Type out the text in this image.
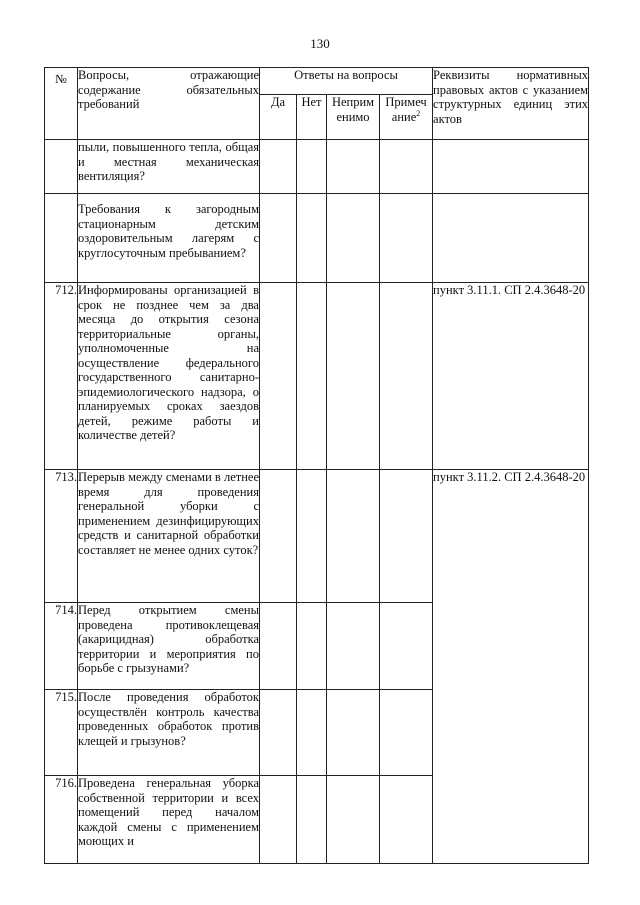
130
№	Вопросы, отражающие содержание обязательных требований	Ответы на вопросы				Реквизиты нормативных правовых актов с указанием структурных единиц этих актов
		Да	Нет	Неприм енимо	Примеч ание$^2$
	пыли, повышенного тепла, общая и местная механическая вентиляция?					
	Требования к загородным стационарным детским оздоровительным лагерям с круглосуточным пребыванием?					
712.	Информированы организацией в срок не позднее чем за два месяца до открытия сезона территориальные органы, уполномоченные на осуществление федерального государственного санитарно-эпидемиологического надзора, о планируемых сроках заездов детей, режиме работы и количестве детей?					пункт 3.11.1. СП 2.4.3648-20
713.	Перерыв между сменами в летнее время для проведения генеральной уборки с применением дезинфицирующих средств и санитарной обработки составляет не менее одних суток?					пункт 3.11.2. СП 2.4.3648-20
714.	Перед открытием смены проведена противоклещевая (акарицидная) обработка территории и мероприятия по борьбе с грызунами?					
715.	После проведения обработок осуществлён контроль качества проведенных обработок против клещей и грызунов?					
716.	Проведена генеральная уборка собственной территории и всех помещений перед началом каждой смены с применением моющих и					
